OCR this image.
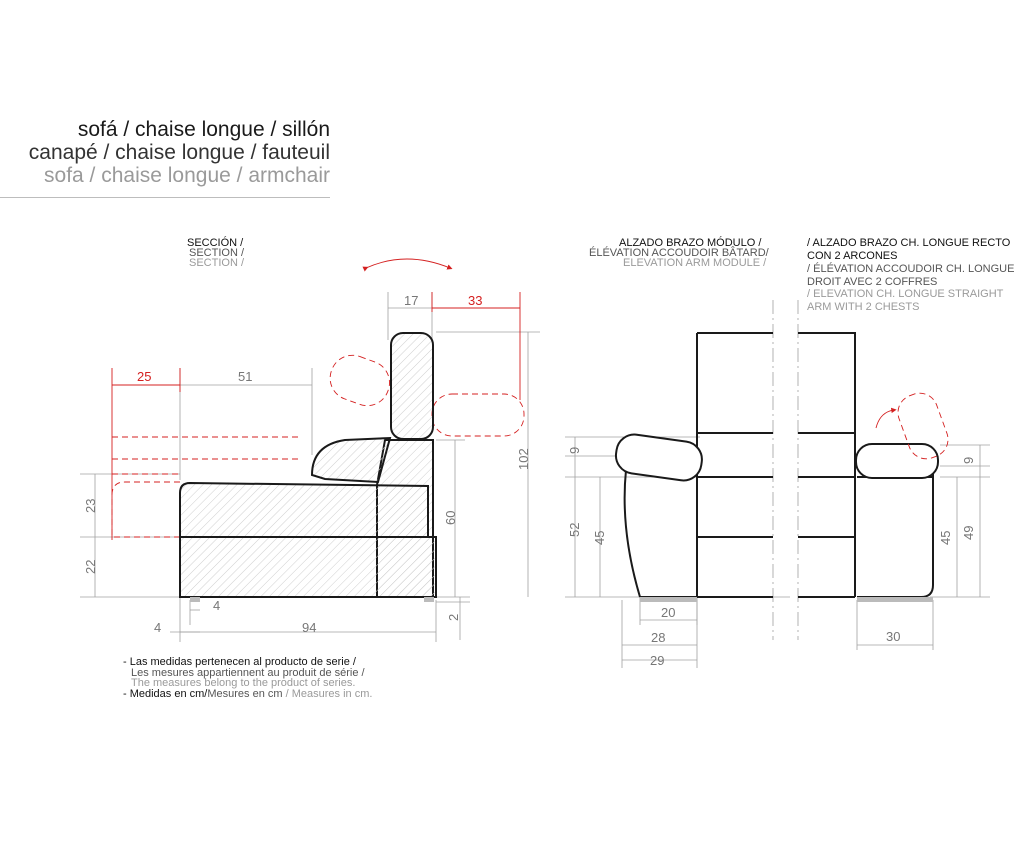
sofá / chaise longue / sillón
canapé / chaise longue / fauteuil
sofa / chaise longue / armchair
SECCIÓN /
SECTION /
SECTION /
ALZADO BRAZO MÓDULO /
ÉLÉVATION ACCOUDOIR BÂTARD/
ELEVATION ARM MODULE /
/ ALZADO BRAZO CH. LONGUE RECTO
CON 2 ARCONES
/ ÉLÉVATION ACCOUDOIR CH. LONGUE
DROIT AVEC 2 COFFRES
/ ELEVATION CH. LONGUE STRAIGHT
ARM WITH 2 CHESTS
- Las medidas pertenecen al producto de serie /
Les mesures appartiennent au produit de série /
The measures belong to the product of series.
- Medidas en cm/Mesures en cm / Measures in cm.
17
51
4
4	94
102
60
23
22
2
33
25
9
52
45
20
28
29
9
45 49
30
